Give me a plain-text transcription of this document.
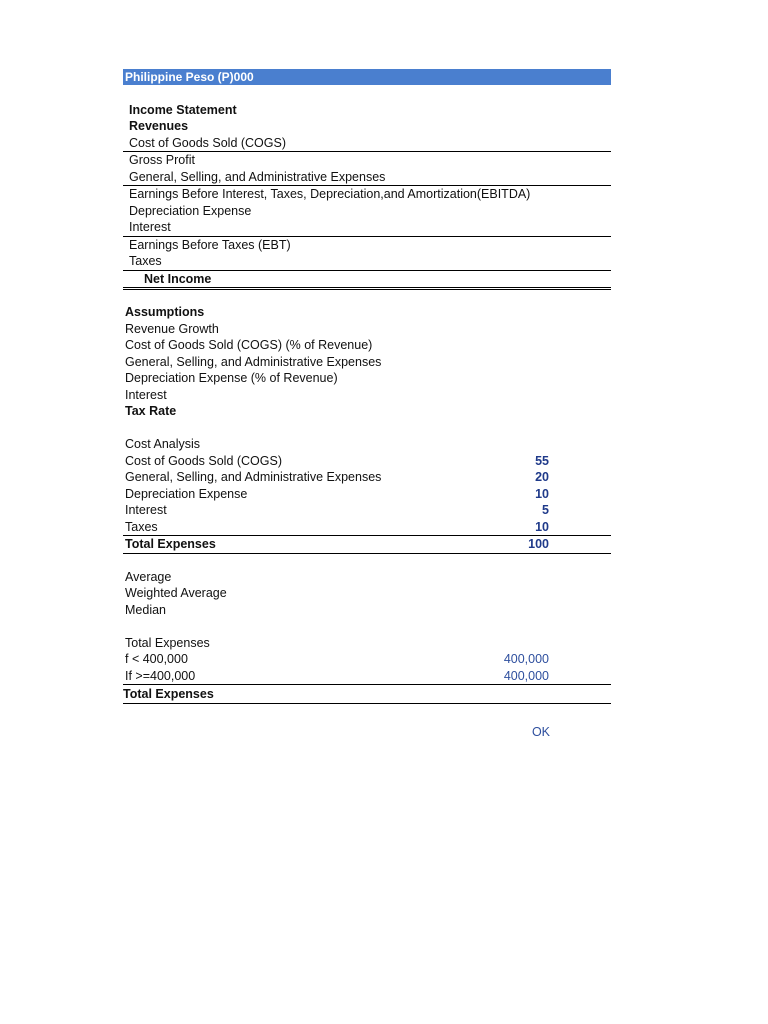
Philippine Peso (P)000
Income Statement
Revenues
Cost of Goods Sold (COGS)
Gross Profit
General, Selling, and Administrative Expenses
Earnings Before Interest, Taxes, Depreciation,and Amortization(EBITDA)
Depreciation Expense
Interest
Earnings Before Taxes (EBT)
Taxes
Net Income
Assumptions
Revenue Growth
Cost of Goods Sold (COGS) (% of Revenue)
General, Selling, and Administrative Expenses
Depreciation Expense (% of Revenue)
Interest
Tax Rate
Cost Analysis
Cost of Goods Sold (COGS)	55
General, Selling, and Administrative Expenses	20
Depreciation Expense	10
Interest	5
Taxes	10
Total Expenses	100
Average
Weighted Average
Median
Total Expenses
f < 400,000	400,000
If >=400,000	400,000
Total Expenses
OK
